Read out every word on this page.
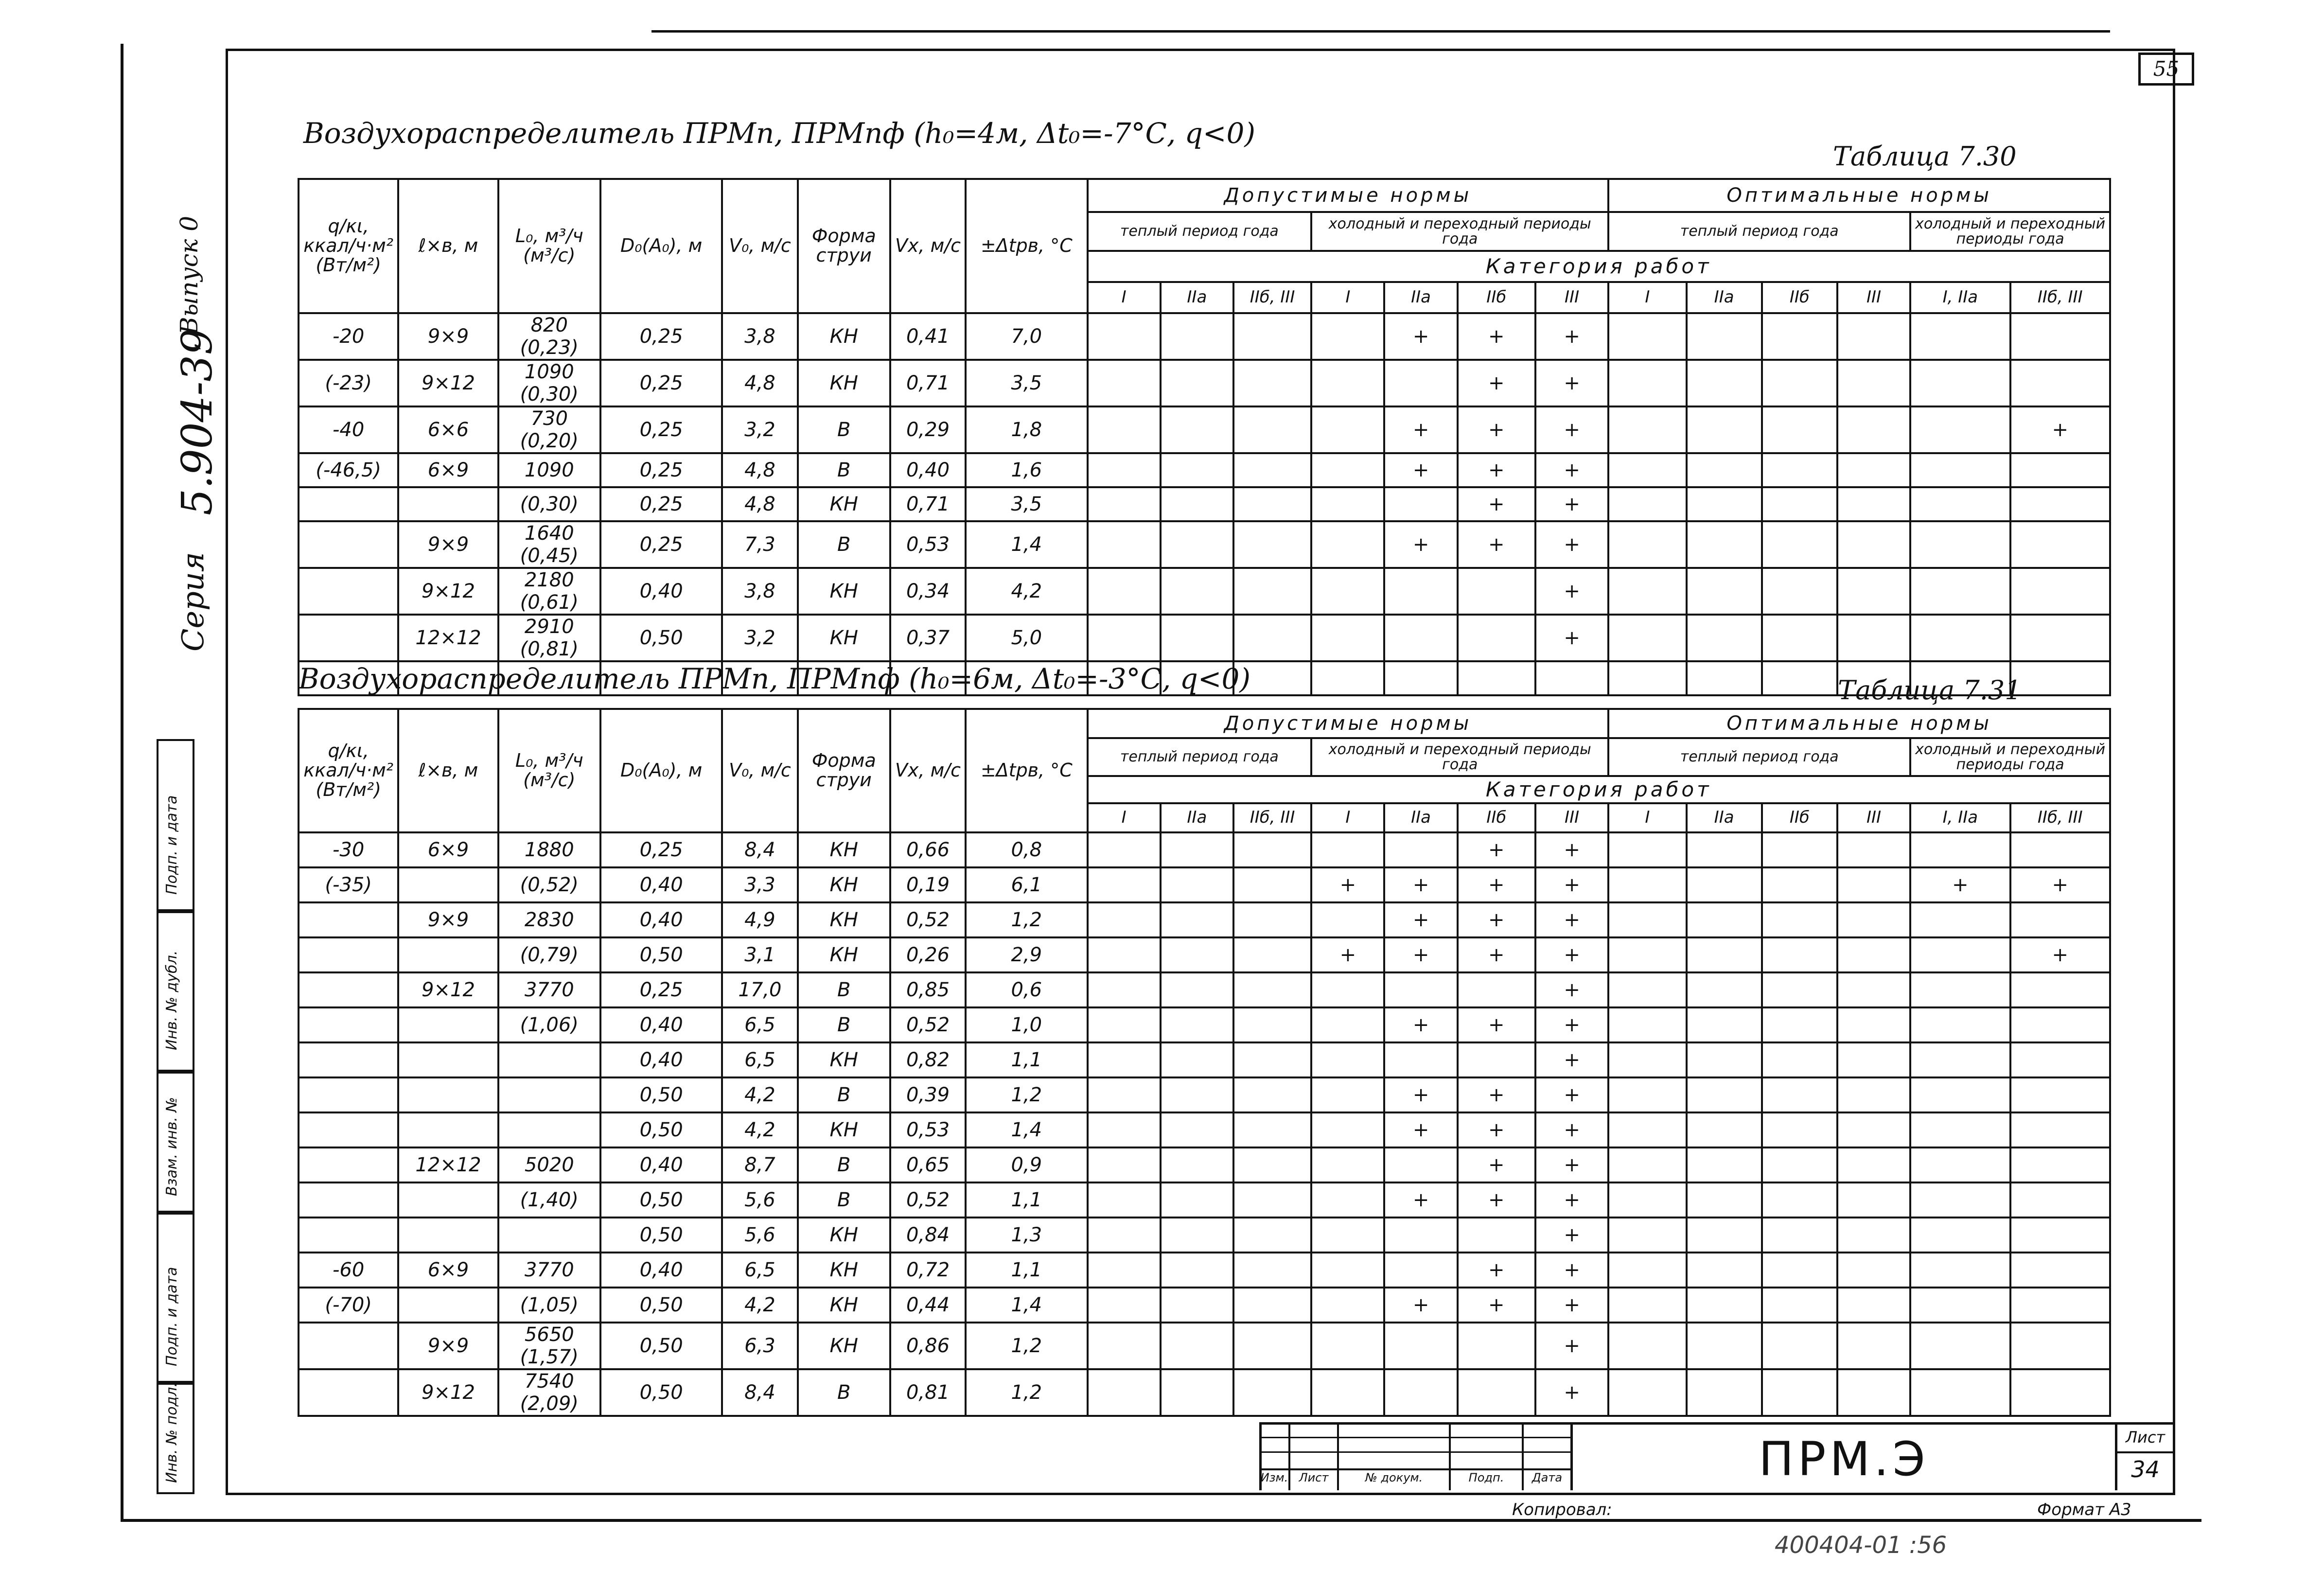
55
Серия
5.904-39
, Выпуск 0
Подп. и дата
Инв. № дубл.
Взам. инв. №
Подп. и дата
Инв. № подл.
Воздухораспределитель ПРМп, ПРМпф (h₀=4м, Δt₀=-7°С, q<0)
Таблица 7.30
q/κι, ккал/ч·м² (Вт/м²)	ℓ×в, м	L₀, м³/ч (м³/с)	D₀(A₀), м	V₀, м/с	Форма струи	Vx, м/с	±Δtрв, °С	Допустимые нормы							Оптимальные нормы					
								теплый период года			холодный и переходный периоды года				теплый период года				холодный и переходный периоды года	
								Категория работ												
								I	IIа	IIб, III	I	IIа	IIб	III	I	IIа	IIб	III	I, IIа	IIб, III
-20	9×9	820 (0,23)	0,25	3,8	КН	0,41	7,0					+	+	+						
(-23)	9×12	1090 (0,30)	0,25	4,8	КН	0,71	3,5						+	+						
-40	6×6	730 (0,20)	0,25	3,2	В	0,29	1,8					+	+	+						+
(-46,5)	6×9	1090	0,25	4,8	В	0,40	1,6					+	+	+						
		(0,30)	0,25	4,8	КН	0,71	3,5						+	+						
	9×9	1640 (0,45)	0,25	7,3	В	0,53	1,4					+	+	+						
	9×12	2180 (0,61)	0,40	3,8	КН	0,34	4,2							+						
	12×12	2910 (0,81)	0,50	3,2	КН	0,37	5,0							+						

Воздухораспределитель ПРМп, ПРМпф (h₀=6м, Δt₀=-3°С, q<0)	Таблица 7.31
q/κι, ккал/ч·м² (Вт/м²)	ℓ×в, м	L₀, м³/ч (м³/с)	D₀(A₀), м	V₀, м/с	Форма струи	Vx, м/с	±Δtрв, °С	Допустимые нормы							Оптимальные нормы					
								теплый период года			холодный и переходный периоды года				теплый период года				холодный и переходный периоды года	
								Категория работ												
								I	IIа	IIб, III	I	IIа	IIб	III	I	IIа	IIб	III	I, IIа	IIб, III
-30	6×9	1880	0,25	8,4	КН	0,66	0,8						+	+						
(-35)		(0,52)	0,40	3,3	КН	0,19	6,1				+	+	+	+					+	+
	9×9	2830	0,40	4,9	КН	0,52	1,2					+	+	+						
		(0,79)	0,50	3,1	КН	0,26	2,9				+	+	+	+						+
	9×12	3770	0,25	17,0	В	0,85	0,6							+						
		(1,06)	0,40	6,5	В	0,52	1,0					+	+	+						
			0,40	6,5	КН	0,82	1,1							+						
			0,50	4,2	В	0,39	1,2					+	+	+						
			0,50	4,2	КН	0,53	1,4					+	+	+						
	12×12	5020	0,40	8,7	В	0,65	0,9						+	+						
		(1,40)	0,50	5,6	В	0,52	1,1					+	+	+						
			0,50	5,6	КН	0,84	1,3							+						
-60	6×9	3770	0,40	6,5	КН	0,72	1,1						+	+						
(-70)		(1,05)	0,50	4,2	КН	0,44	1,4					+	+	+						
	9×9	5650 (1,57)	0,50	6,3	КН	0,86	1,2							+						
	9×12	7540 (2,09)	0,50	8,4	В	0,81	1,2							+						
Изм. Лист	№ докум.	Подп.	Дата	ПРМ.Э	Лист
34
Копировал:	Формат А3
400404-01 :56
